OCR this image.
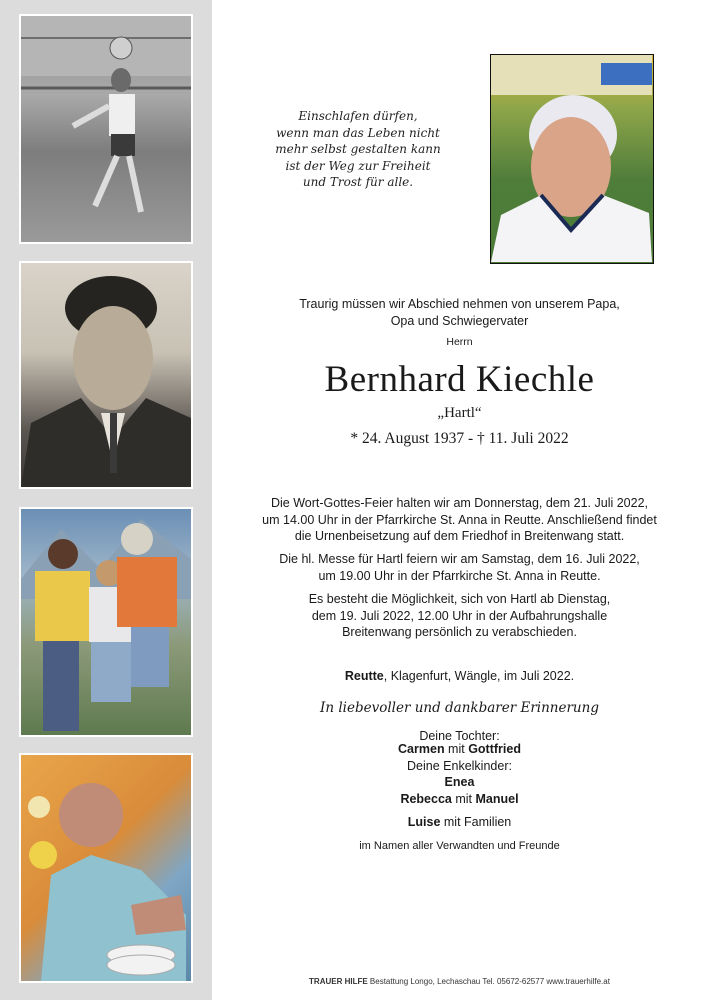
Einschlafen dürfen,
wenn man das Leben nicht
mehr selbst gestalten kann
ist der Weg zur Freiheit
und Trost für alle.
Traurig müssen wir Abschied nehmen von unserem Papa,
Opa und Schwiegervater
Herrn
Bernhard Kiechle
„Hartl“
* 24. August 1937 - † 11. Juli 2022
Die Wort-Gottes-Feier halten wir am Donnerstag, dem 21. Juli 2022,
um 14.00 Uhr in der Pfarrkirche St. Anna in Reutte. Anschließend findet
die Urnenbeisetzung auf dem Friedhof in Breitenwang statt.
Die hl. Messe für Hartl feiern wir am Samstag, dem 16. Juli 2022,
um 19.00 Uhr in der Pfarrkirche St. Anna in Reutte.
Es besteht die Möglichkeit, sich von Hartl ab Dienstag,
dem 19. Juli 2022, 12.00 Uhr in der Aufbahrungshalle
Breitenwang persönlich zu verabschieden.
Reutte, Klagenfurt, Wängle, im Juli 2022.
In liebevoller und dankbarer Erinnerung
Deine Tochter:
Carmen mit Gottfried
Deine Enkelkinder:
Enea
Rebecca mit Manuel
Luise mit Familien
im Namen aller Verwandten und Freunde
TRAUER HILFE Bestattung Longo, Lechaschau Tel. 05672-62577 www.trauerhilfe.at
